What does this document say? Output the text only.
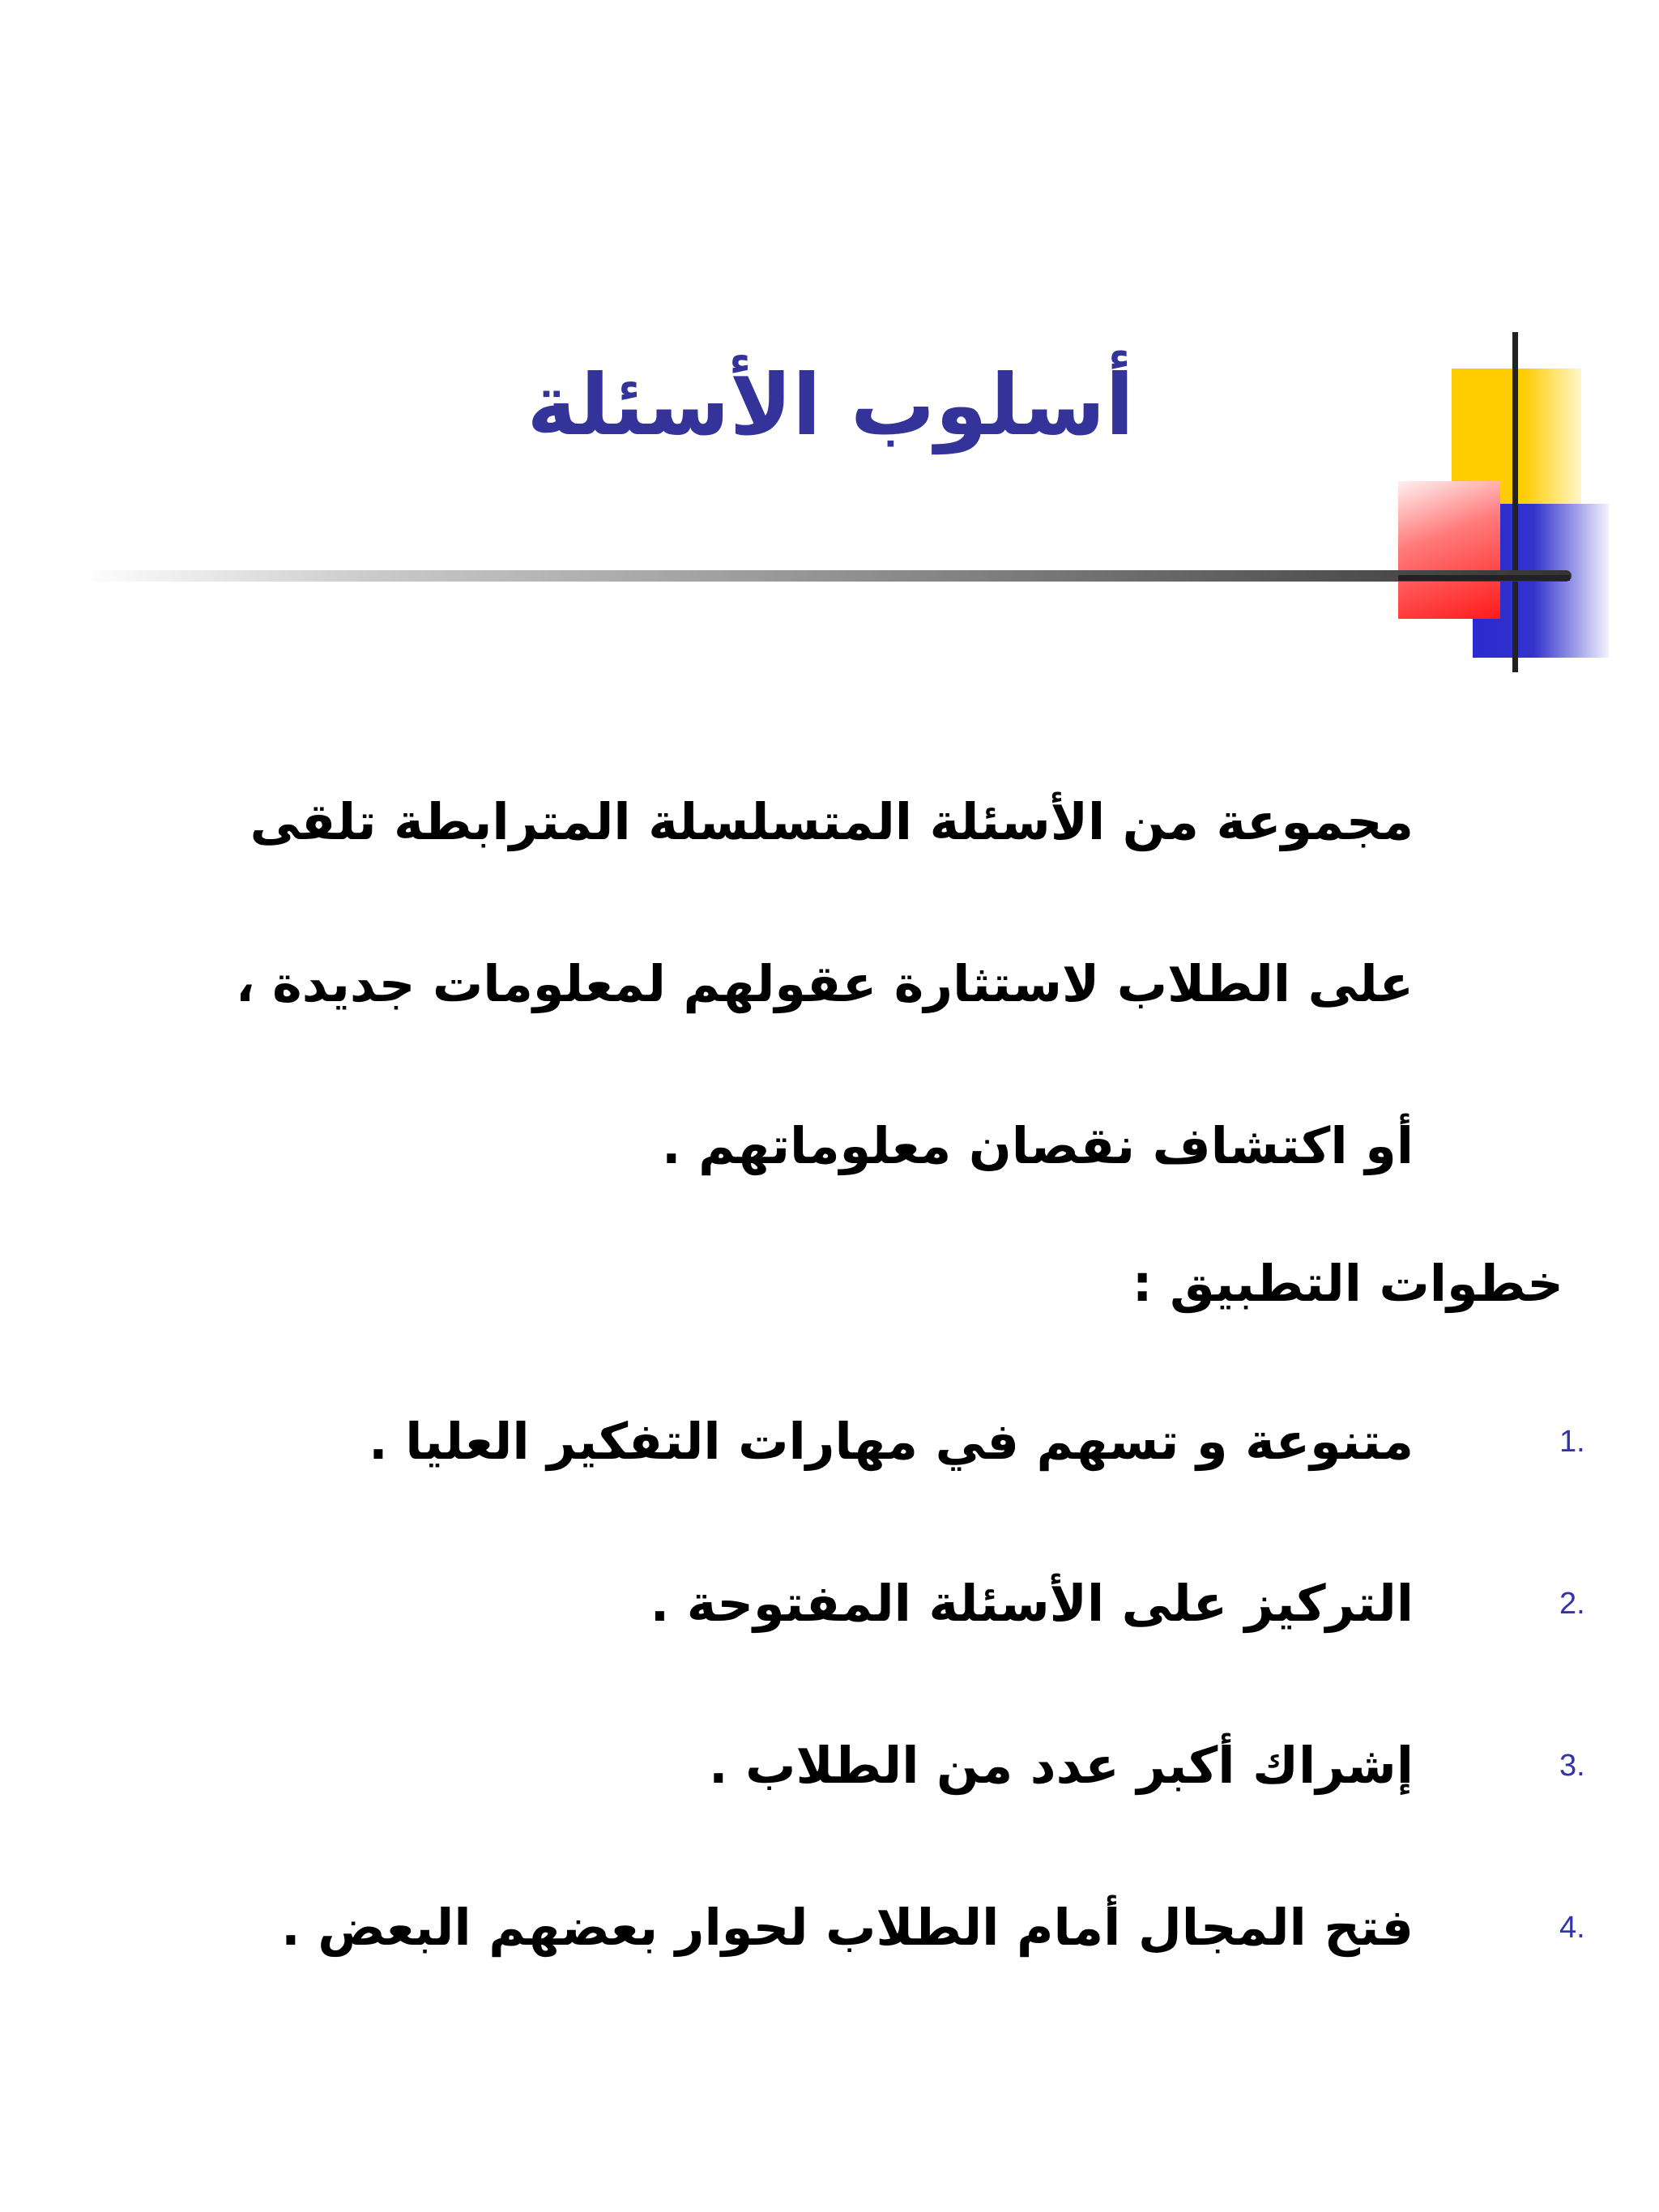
أسلوب الأسئلة
مجموعة من الأسئلة المتسلسلة المترابطة تلقى
على الطلاب لاستثارة عقولهم لمعلومات جديدة ،
أو اكتشاف نقصان معلوماتهم .
خطوات التطبيق :
متنوعة و تسهم في مهارات التفكير العليا .	1.
التركيز على الأسئلة المفتوحة .	2.
إشراك أكبر عدد من الطلاب .	3.
فتح المجال أمام الطلاب لحوار بعضهم البعض .	4.
